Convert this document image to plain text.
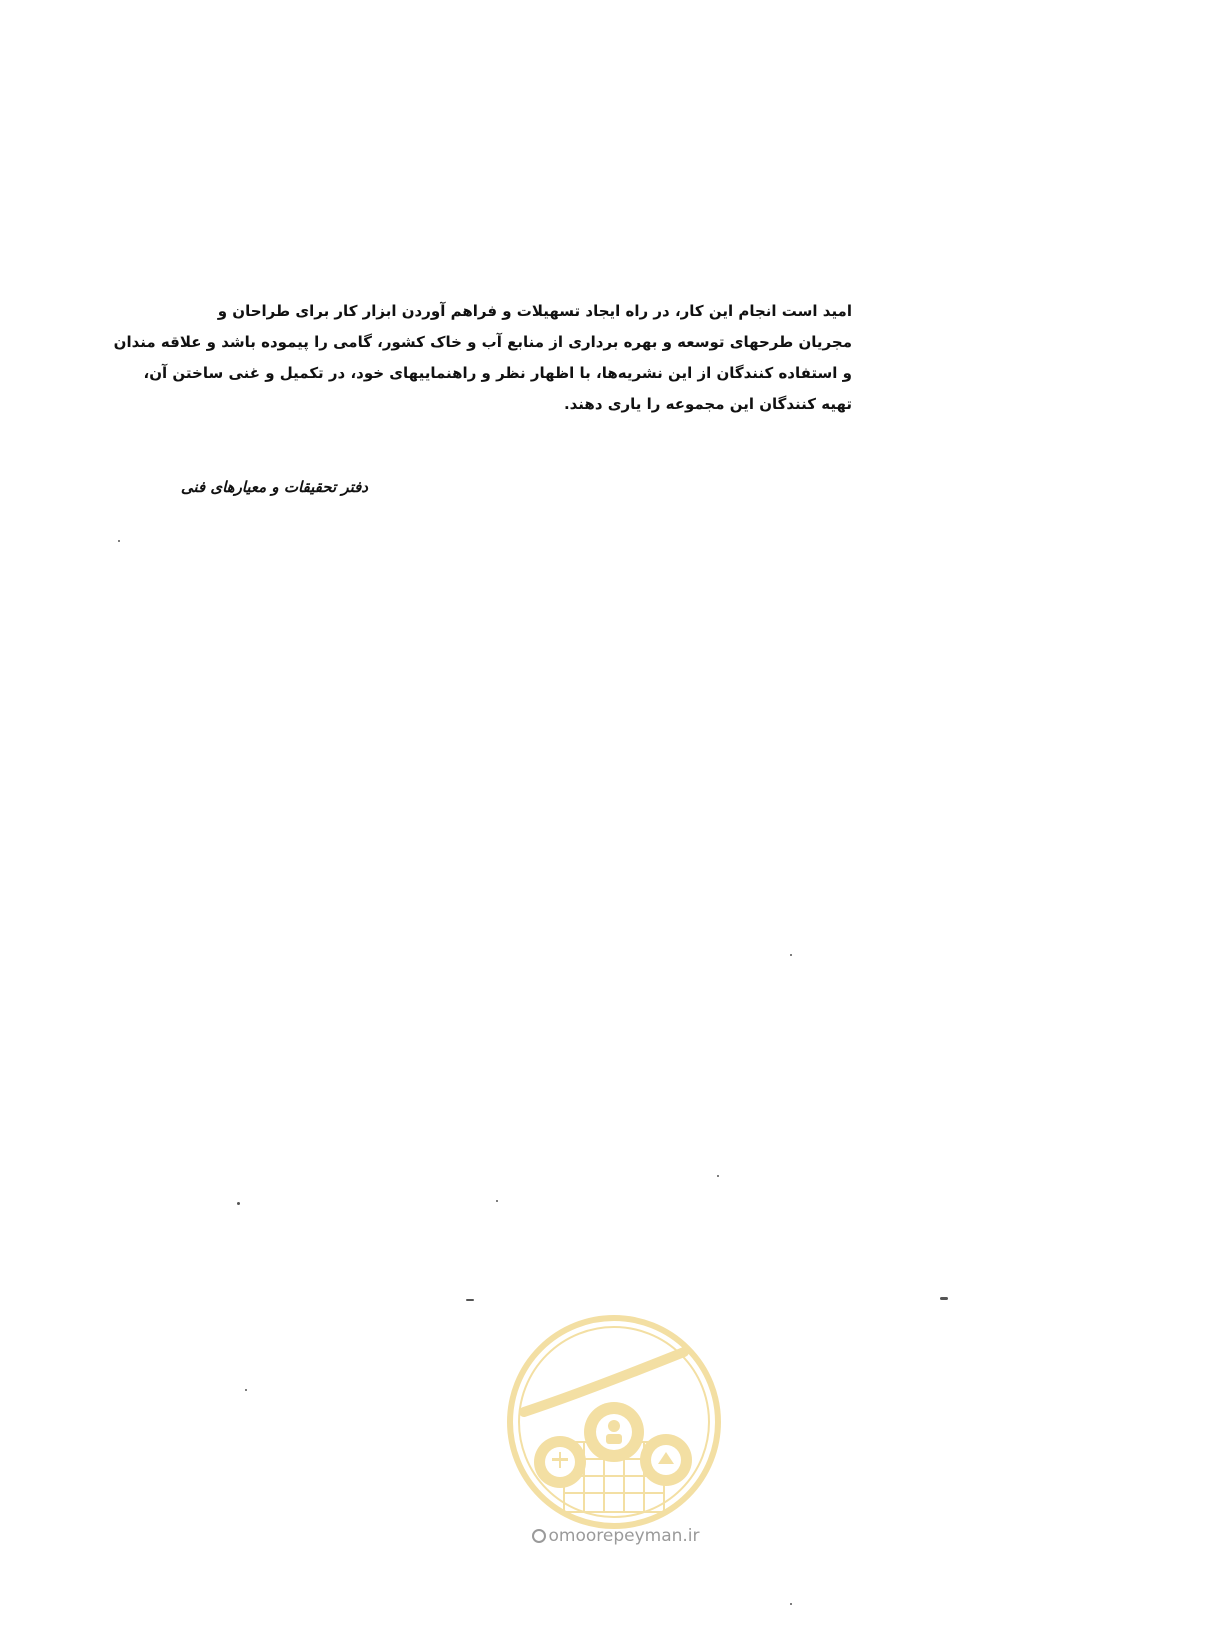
امید است انجام این کار، در راه ایجاد تسهیلات و فراهم آوردن ابزار کار برای طراحان و
مجریان طرحهای توسعه و بهره برداری از منابع آب و خاک کشور، گامی را پیموده باشد و علاقه مندان
و استفاده کنندگان از این نشریه‌ها، با اظهار نظر و راهنماییهای خود، در تکمیل و غنی ساختن آن،
تهیه کنندگان این مجموعه را یاری دهند.
دفتر تحقیقات و معیارهای فنی
omoorepeyman.ir
